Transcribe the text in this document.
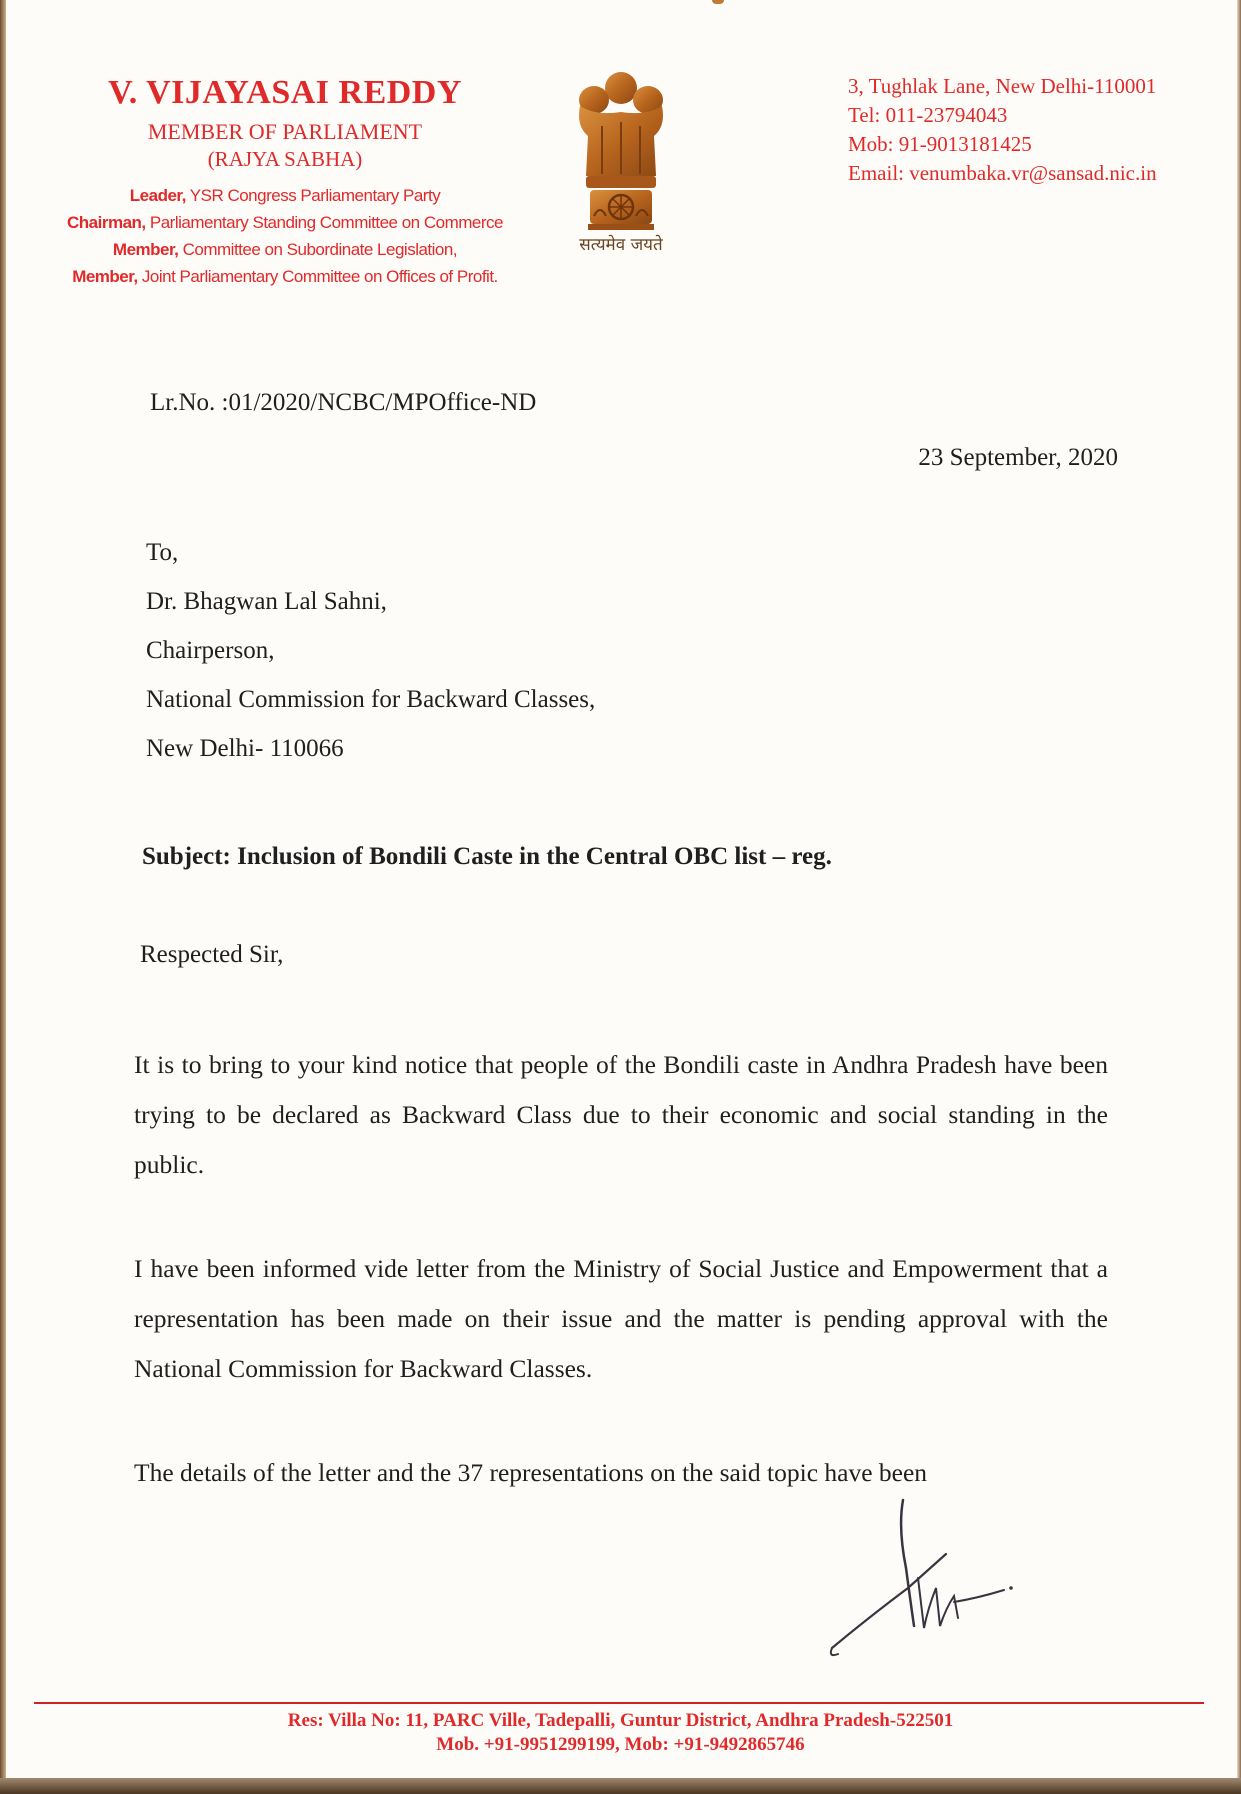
V. VIJAYASAI REDDY
MEMBER OF PARLIAMENT
(RAJYA SABHA)
Leader, YSR Congress Parliamentary Party
Chairman, Parliamentary Standing Committee on Commerce
Member, Committee on Subordinate Legislation,
Member, Joint Parliamentary Committee on Offices of Profit.
सत्यमेव जयते
3, Tughlak Lane, New Delhi-110001
Tel: 011-23794043
Mob: 91-9013181425
Email: venumbaka.vr@sansad.nic.in
Lr.No. :01/2020/NCBC/MPOffice-ND
23 September, 2020
To,
Dr. Bhagwan Lal Sahni,
Chairperson,
National Commission for Backward Classes,
New Delhi- 110066
Subject: Inclusion of Bondili Caste in the Central OBC list – reg.
Respected Sir,
It is to bring to your kind notice that people of the Bondili caste in Andhra Pradesh have been trying to be declared as Backward Class due to their economic and social standing in the public.
I have been informed vide letter from the Ministry of Social Justice and Empowerment that a representation has been made on their issue and the matter is pending approval with the National Commission for Backward Classes.
The details of the letter and the 37 representations on the said topic have been
Res: Villa No: 11, PARC Ville, Tadepalli, Guntur District, Andhra Pradesh-522501
Mob. +91-9951299199, Mob: +91-9492865746
